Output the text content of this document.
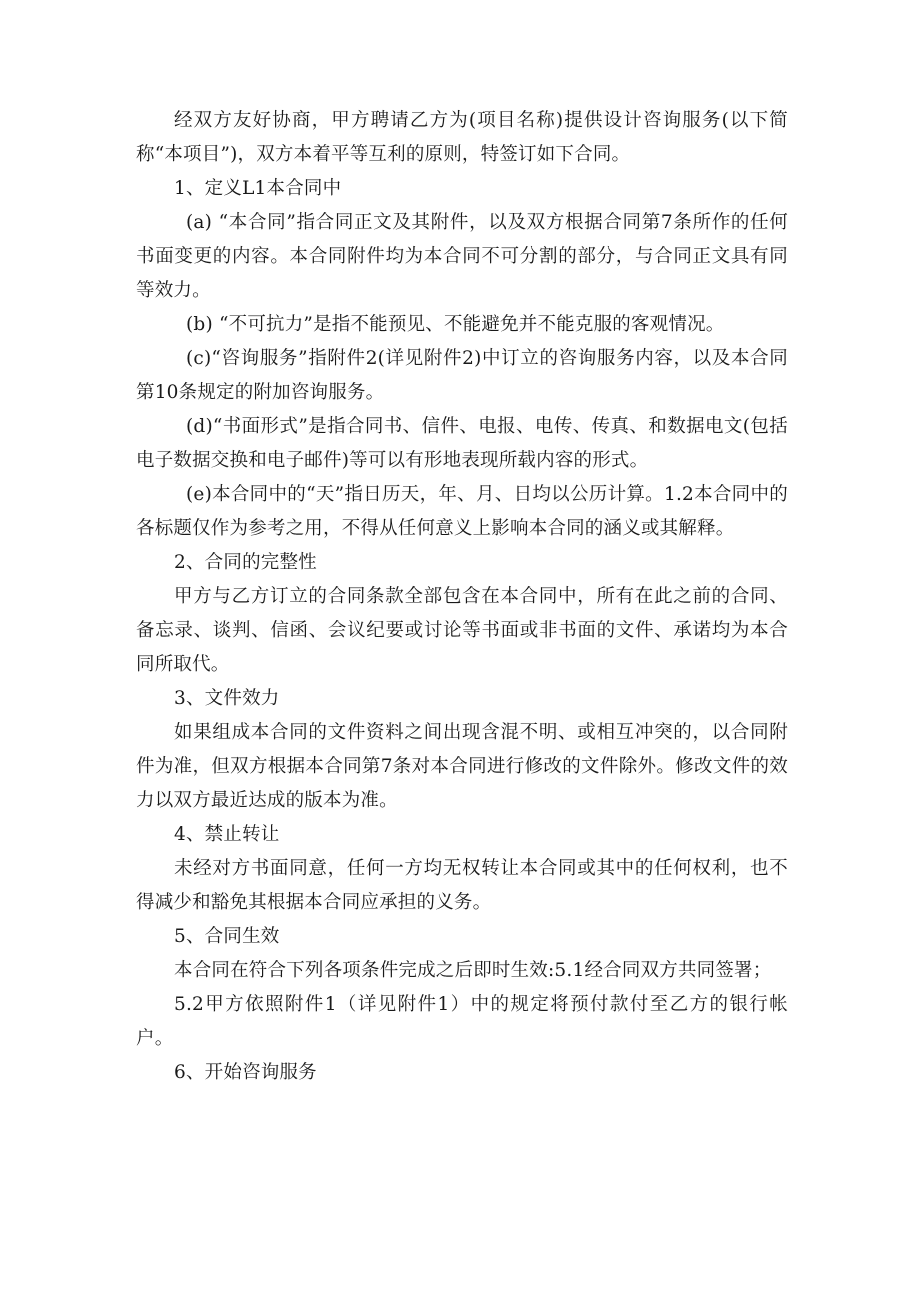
经双方友好协商，甲方聘请乙方为(项目名称)提供设计咨询服务(以下简称“本项目”)，双方本着平等互利的原则，特签订如下合同。

1、定义L1本合同中

(a) “本合同”指合同正文及其附件，以及双方根据合同第7条所作的任何书面变更的内容。本合同附件均为本合同不可分割的部分，与合同正文具有同等效力。

(b) “不可抗力”是指不能预见、不能避免并不能克服的客观情况。

(c)“咨询服务”指附件2(详见附件2)中订立的咨询服务内容，以及本合同第10条规定的附加咨询服务。

(d)“书面形式”是指合同书、信件、电报、电传、传真、和数据电文(包括电子数据交换和电子邮件)等可以有形地表现所载内容的形式。

(e)本合同中的“天”指日历天，年、月、日均以公历计算。1.2本合同中的各标题仅作为参考之用，不得从任何意义上影响本合同的涵义或其解释。

2、合同的完整性

甲方与乙方订立的合同条款全部包含在本合同中，所有在此之前的合同、备忘录、谈判、信函、会议纪要或讨论等书面或非书面的文件、承诺均为本合同所取代。

3、文件效力

如果组成本合同的文件资料之间出现含混不明、或相互冲突的，以合同附件为准，但双方根据本合同第7条对本合同进行修改的文件除外。修改文件的效力以双方最近达成的版本为准。

4、禁止转让

未经对方书面同意，任何一方均无权转让本合同或其中的任何权利，也不得减少和豁免其根据本合同应承担的义务。

5、合同生效

本合同在符合下列各项条件完成之后即时生效:5.1经合同双方共同签署；

5.2甲方依照附件1（详见附件1）中的规定将预付款付至乙方的银行帐户。

6、开始咨询服务
